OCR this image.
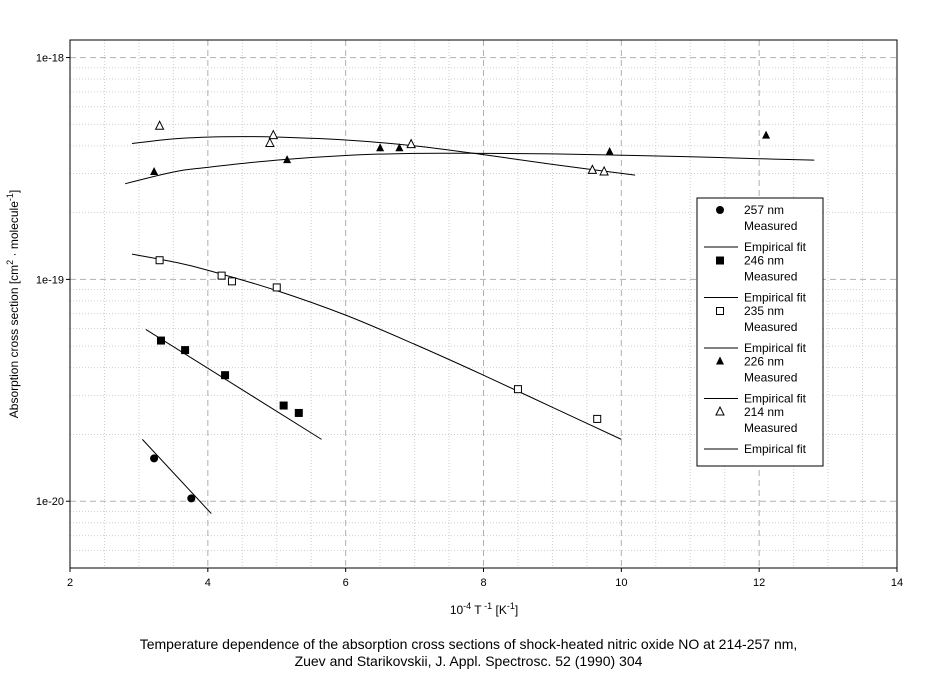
2	4	6	8	10	12	14
1e-18
1e-19
1e-20
$10^{-4}$ T $^{-1}$ $[K^{-1}]$
Absorption cross section [$cm^2$ · molecule$^{-1}$]
257 nm
Measured
Empirical fit
246 nm
Measured
Empirical fit
235 nm
Measured
Empirical fit
226 nm
Measured
Empirical fit
214 nm
Measured
Empirical fit
Temperature dependence of the absorption cross sections of shock-heated nitric oxide NO at 214-257 nm,
Zuev and Starikovskii, J. Appl. Spectrosc. 52 (1990) 304
